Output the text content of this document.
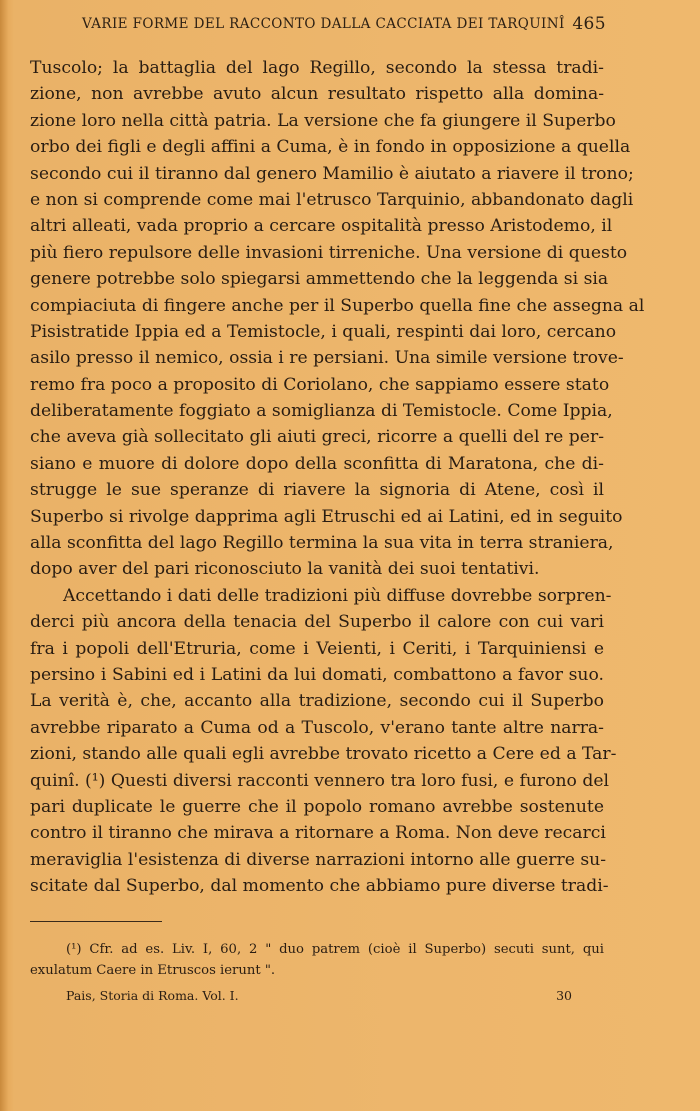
VARIE FORME DEL RACCONTO DALLA CACCIATA DEI TARQUINÎ 465
Tuscolo; la battaglia del lago Regillo, secondo la stessa tradi-
zione, non avrebbe avuto alcun resultato rispetto alla domina-
zione loro nella città patria. La versione che fa giungere il Superbo
orbo dei figli e degli affini a Cuma, è in fondo in opposizione a quella
secondo cui il tiranno dal genero Mamilio è aiutato a riavere il trono;
e non si comprende come mai l'etrusco Tarquinio, abbandonato dagli
altri alleati, vada proprio a cercare ospitalità presso Aristodemo, il
più fiero repulsore delle invasioni tirreniche. Una versione di questo
genere potrebbe solo spiegarsi ammettendo che la leggenda si sia
compiaciuta di fingere anche per il Superbo quella fine che assegna al
Pisistratide Ippia ed a Temistocle, i quali, respinti dai loro, cercano
asilo presso il nemico, ossia i re persiani. Una simile versione trove-
remo fra poco a proposito di Coriolano, che sappiamo essere stato
deliberatamente foggiato a somiglianza di Temistocle. Come Ippia,
che aveva già sollecitato gli aiuti greci, ricorre a quelli del re per-
siano e muore di dolore dopo della sconfitta di Maratona, che di-
strugge le sue speranze di riavere la signoria di Atene, così il
Superbo si rivolge dapprima agli Etruschi ed ai Latini, ed in seguito
alla sconfitta del lago Regillo termina la sua vita in terra straniera,
dopo aver del pari riconosciuto la vanità dei suoi tentativi.
Accettando i dati delle tradizioni più diffuse dovrebbe sorpren-
derci più ancora della tenacia del Superbo il calore con cui vari
fra i popoli dell'Etruria, come i Veienti, i Ceriti, i Tarquiniensi e
persino i Sabini ed i Latini da lui domati, combattono a favor suo.
La verità è, che, accanto alla tradizione, secondo cui il Superbo
avrebbe riparato a Cuma od a Tuscolo, v'erano tante altre narra-
zioni, stando alle quali egli avrebbe trovato ricetto a Cere ed a Tar-
quinî. (¹) Questi diversi racconti vennero tra loro fusi, e furono del
pari duplicate le guerre che il popolo romano avrebbe sostenute
contro il tiranno che mirava a ritornare a Roma. Non deve recarci
meraviglia l'esistenza di diverse narrazioni intorno alle guerre su-
scitate dal Superbo, dal momento che abbiamo pure diverse tradi-
(¹) Cfr. ad es. Liv. I, 60, 2 " duo patrem (cioè il Superbo) secuti sunt, qui
exulatum Caere in Etruscos ierunt ".
Pais, Storia di Roma. Vol. I.	30
